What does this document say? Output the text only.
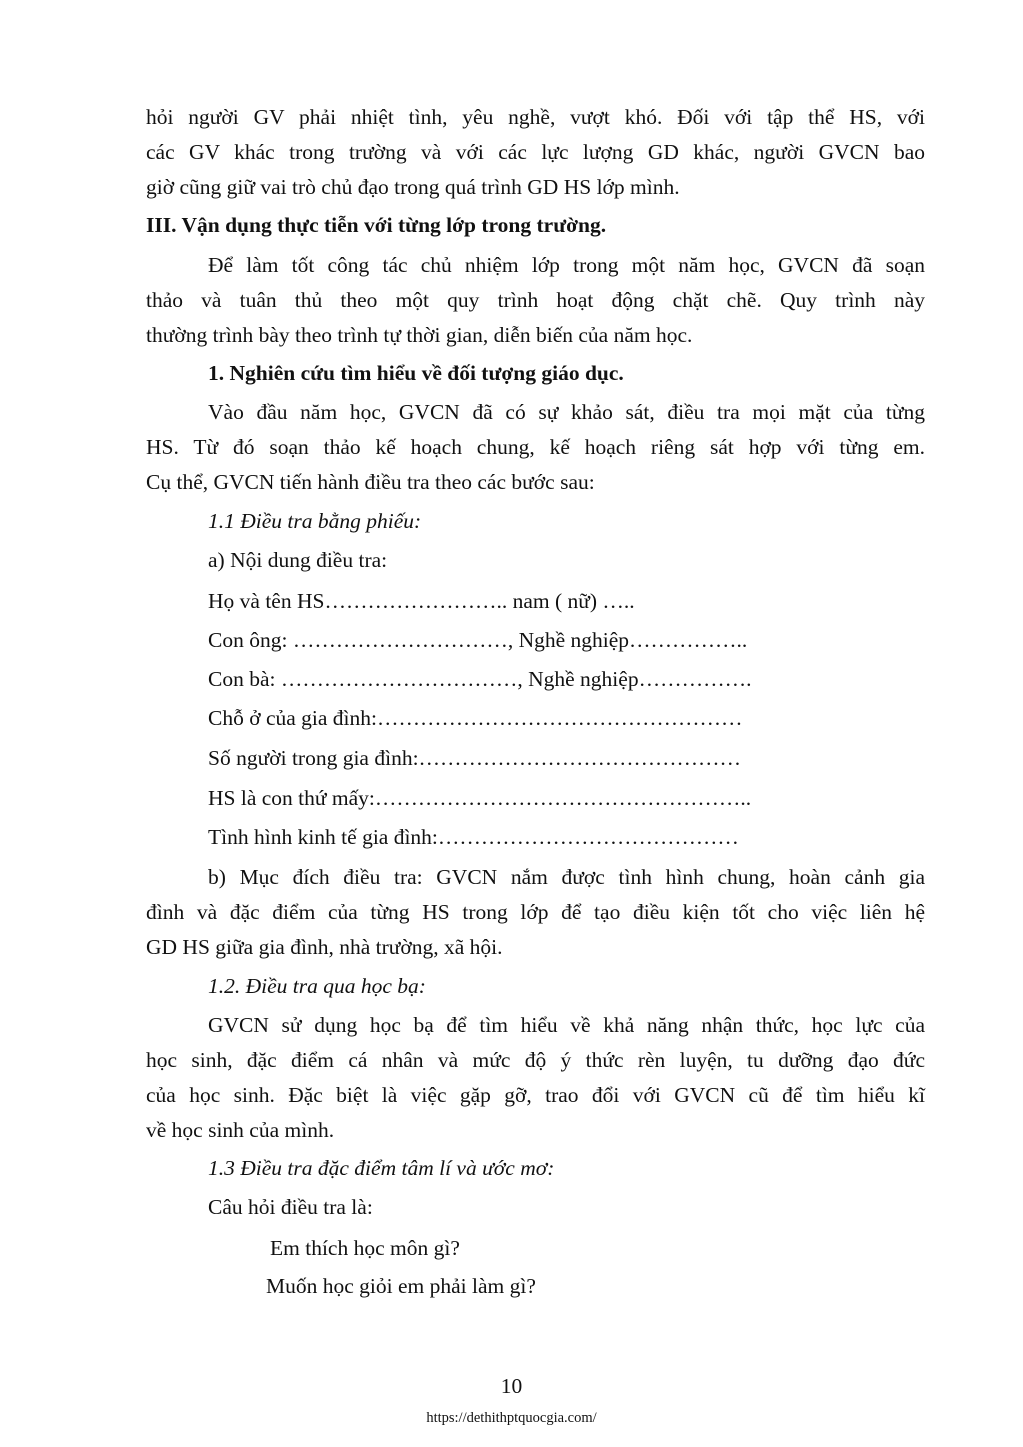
hỏi người GV phải nhiệt tình, yêu nghề, vượt khó. Đối với tập thể HS, với

các GV khác trong trường và với các lực lượng GD khác, người GVCN bao

giờ cũng giữ vai trò chủ đạo trong quá trình GD HS lớp mình.

III. Vận dụng thực tiễn với từng lớp trong trường.

Để làm tốt công tác chủ nhiệm lớp trong một năm học, GVCN đã soạn

thảo và tuân thủ theo một quy trình hoạt động chặt chẽ. Quy trình này

thường trình bày theo trình tự thời gian, diễn biến của năm học.

1. Nghiên cứu tìm hiểu về đối tượng giáo dục.

Vào đầu năm học, GVCN đã có sự khảo sát, điều tra mọi mặt của từng

HS. Từ đó soạn thảo kế hoạch chung, kế hoạch riêng sát hợp với từng em.

Cụ thể, GVCN tiến hành điều tra theo các bước sau:

1.1 Điều tra bằng phiếu:

a) Nội dung điều tra:

Họ và tên HS…………………….. nam ( nữ) …..

Con ông: …………………………, Nghề nghiệp……………..

Con bà: ……………………………, Nghề nghiệp…………….

Chỗ ở của gia đình:……………………………………………

Số người trong gia đình:………………………………………

HS là con thứ mấy:……………………………………………..

Tình hình kinh tế gia đình:……………………………………

b) Mục đích điều tra: GVCN nắm được tình hình chung, hoàn cảnh gia

đình và đặc điểm của từng HS trong lớp để tạo điều kiện tốt cho việc liên hệ

GD HS giữa gia đình, nhà trường, xã hội.

1.2. Điều tra qua học bạ:

GVCN sử dụng học bạ để tìm hiểu về khả năng nhận thức, học lực của

học sinh, đặc điểm cá nhân và mức độ ý thức rèn luyện, tu dưỡng đạo đức

của học sinh. Đặc biệt là việc gặp gỡ, trao đổi với GVCN cũ để tìm hiểu kĩ

về học sinh của mình.

1.3 Điều tra đặc điểm tâm lí và ước mơ:

Câu hỏi điều tra là:

Em thích học môn gì?

Muốn học giỏi em phải làm gì?

10
https://dethithptquocgia.com/
